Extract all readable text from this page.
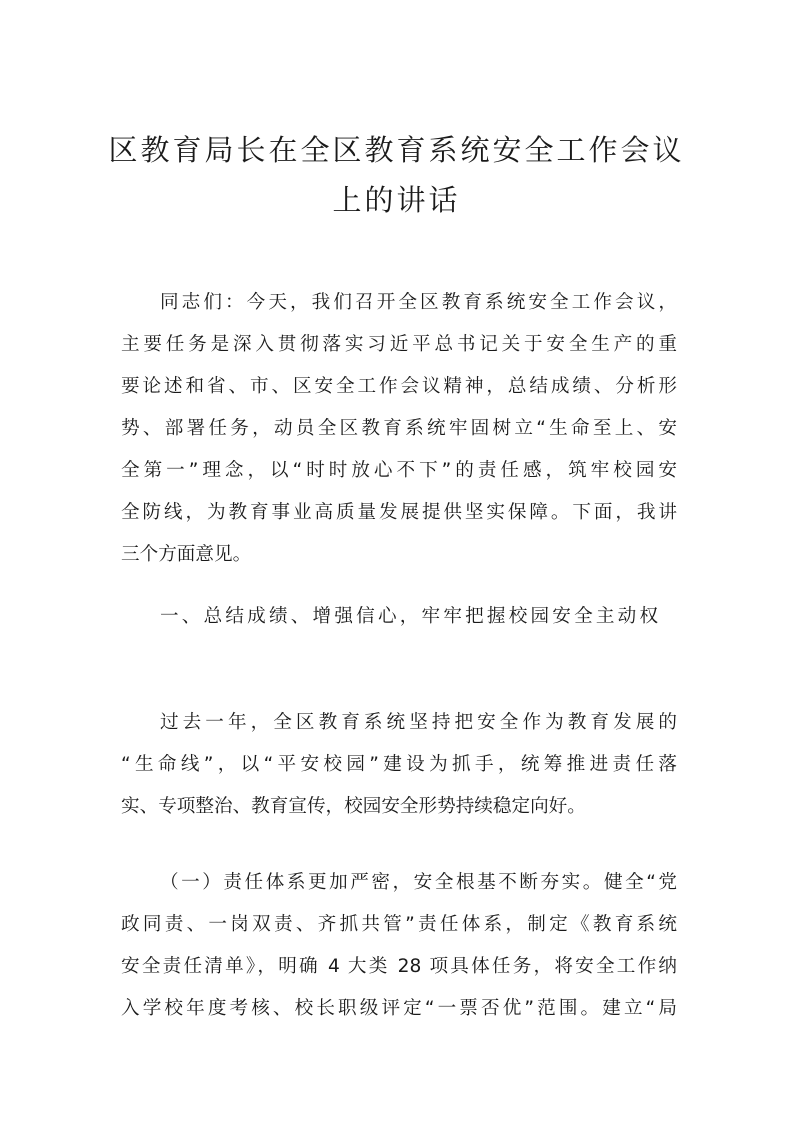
区教育局长在全区教育系统安全工作会议
上的讲话
同志们：今天，我们召开全区教育系统安全工作会议，
主要任务是深入贯彻落实习近平总书记关于安全生产的重
要论述和省、市、区安全工作会议精神，总结成绩、分析形
势、部署任务，动员全区教育系统牢固树立“生命至上、安
全第一”理念，以“时时放心不下”的责任感，筑牢校园安
全防线，为教育事业高质量发展提供坚实保障。下面，我讲
三个方面意见。
一、总结成绩、增强信心，牢牢把握校园安全主动权
过去一年，全区教育系统坚持把安全作为教育发展的
“生命线”，以“平安校园”建设为抓手，统筹推进责任落
实、专项整治、教育宣传，校园安全形势持续稳定向好。
（一）责任体系更加严密，安全根基不断夯实。健全“党
政同责、一岗双责、齐抓共管”责任体系，制定《教育系统
安全责任清单》，明确 4 大类 28 项具体任务，将安全工作纳
入学校年度考核、校长职级评定“一票否优”范围。建立“局
